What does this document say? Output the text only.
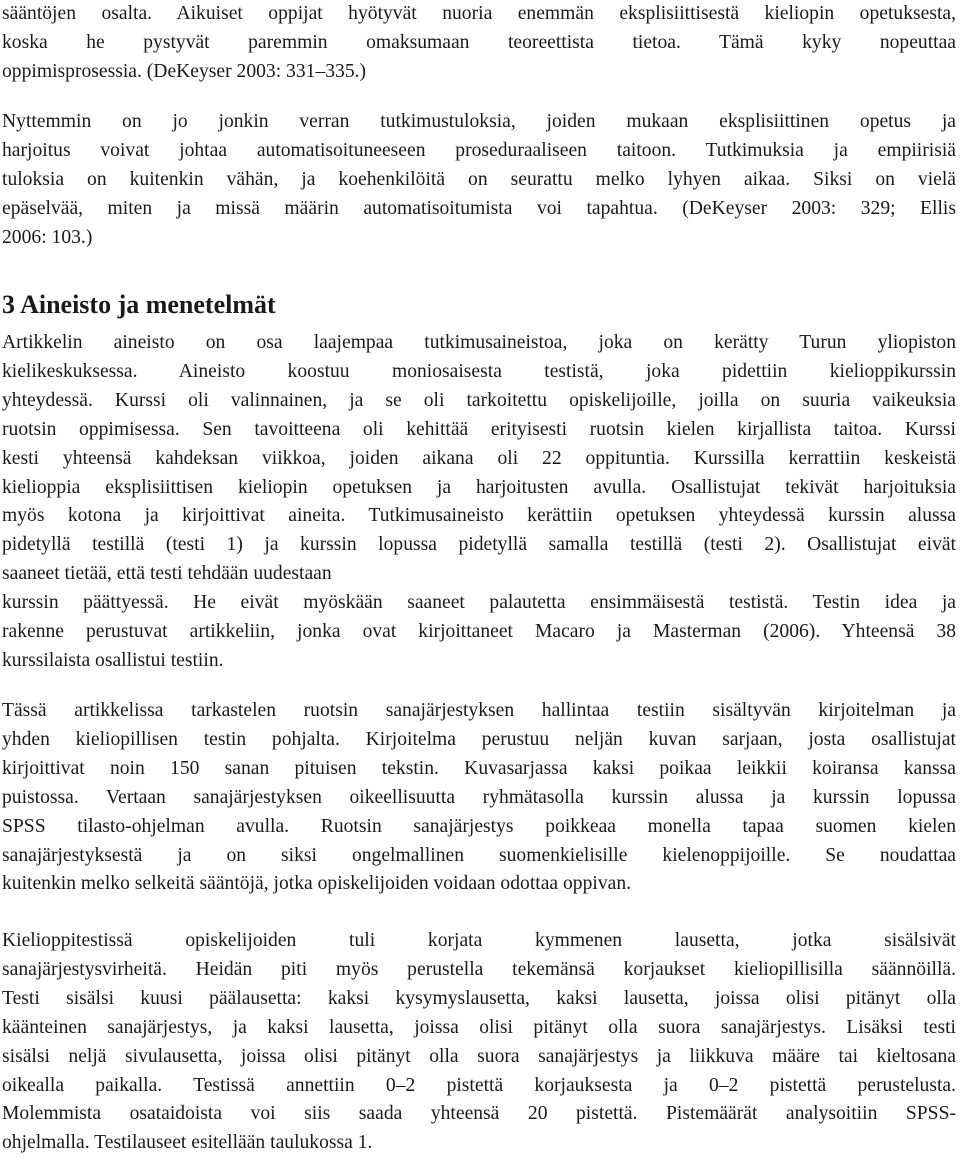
sääntöjen osalta. Aikuiset oppijat hyötyvät nuoria enemmän eksplisiittisestä kieliopin opetuksesta,
koska he pystyvät paremmin omaksumaan teoreettista tietoa. Tämä kyky nopeuttaa
oppimisprosessia. (DeKeyser 2003: 331–335.)
Nyttemmin on jo jonkin verran tutkimustuloksia, joiden mukaan eksplisiittinen opetus ja
harjoitus voivat johtaa automatisoituneeseen proseduraaliseen taitoon. Tutkimuksia ja empiirisiä
tuloksia on kuitenkin vähän, ja koehenkilöitä on seurattu melko lyhyen aikaa. Siksi on vielä
epäselvää, miten ja missä määrin automatisoitumista voi tapahtua. (DeKeyser 2003: 329; Ellis
2006: 103.)
3 Aineisto ja menetelmät
Artikkelin aineisto on osa laajempaa tutkimusaineistoa, joka on kerätty Turun yliopiston
kielikeskuksessa. Aineisto koostuu moniosaisesta testistä, joka pidettiin kielioppikurssin
yhteydessä. Kurssi oli valinnainen, ja se oli tarkoitettu opiskelijoille, joilla on suuria vaikeuksia
ruotsin oppimisessa. Sen tavoitteena oli kehittää erityisesti ruotsin kielen kirjallista taitoa. Kurssi
kesti yhteensä kahdeksan viikkoa, joiden aikana oli 22 oppituntia. Kurssilla kerrattiin keskeistä
kielioppia eksplisiittisen kieliopin opetuksen ja harjoitusten avulla. Osallistujat tekivät harjoituksia
myös kotona ja kirjoittivat aineita. Tutkimusaineisto kerättiin opetuksen yhteydessä kurssin alussa
pidetyllä testillä (testi 1) ja kurssin lopussa pidetyllä samalla testillä (testi 2). Osallistujat eivät
saaneet tietää, että testi tehdään uudestaan
kurssin päättyessä. He eivät myöskään saaneet palautetta ensimmäisestä testistä. Testin idea ja
rakenne perustuvat artikkeliin, jonka ovat kirjoittaneet Macaro ja Masterman (2006). Yhteensä 38
kurssilaista osallistui testiin.
Tässä artikkelissa tarkastelen ruotsin sanajärjestyksen hallintaa testiin sisältyvän kirjoitelman ja
yhden kieliopillisen testin pohjalta. Kirjoitelma perustuu neljän kuvan sarjaan, josta osallistujat
kirjoittivat noin 150 sanan pituisen tekstin. Kuvasarjassa kaksi poikaa leikkii koiransa kanssa
puistossa. Vertaan sanajärjestyksen oikeellisuutta ryhmätasolla kurssin alussa ja kurssin lopussa
SPSS tilasto-ohjelman avulla. Ruotsin sanajärjestys poikkeaa monella tapaa suomen kielen
sanajärjestyksestä ja on siksi ongelmallinen suomenkielisille kielenoppijoille. Se noudattaa
kuitenkin melko selkeitä sääntöjä, jotka opiskelijoiden voidaan odottaa oppivan.
Kielioppitestissä opiskelijoiden tuli korjata kymmenen lausetta, jotka sisälsivät
sanajärjestysvirheitä. Heidän piti myös perustella tekemänsä korjaukset kieliopillisilla säännöillä.
Testi sisälsi kuusi päälausetta: kaksi kysymyslausetta, kaksi lausetta, joissa olisi pitänyt olla
käänteinen sanajärjestys, ja kaksi lausetta, joissa olisi pitänyt olla suora sanajärjestys. Lisäksi testi
sisälsi neljä sivulausetta, joissa olisi pitänyt olla suora sanajärjestys ja liikkuva määre tai kieltosana
oikealla paikalla. Testissä annettiin 0–2 pistettä korjauksesta ja 0–2 pistettä perustelusta.
Molemmista osataidoista voi siis saada yhteensä 20 pistettä. Pistemäärät analysoitiin SPSS-
ohjelmalla. Testilauseet esitellään taulukossa 1.
